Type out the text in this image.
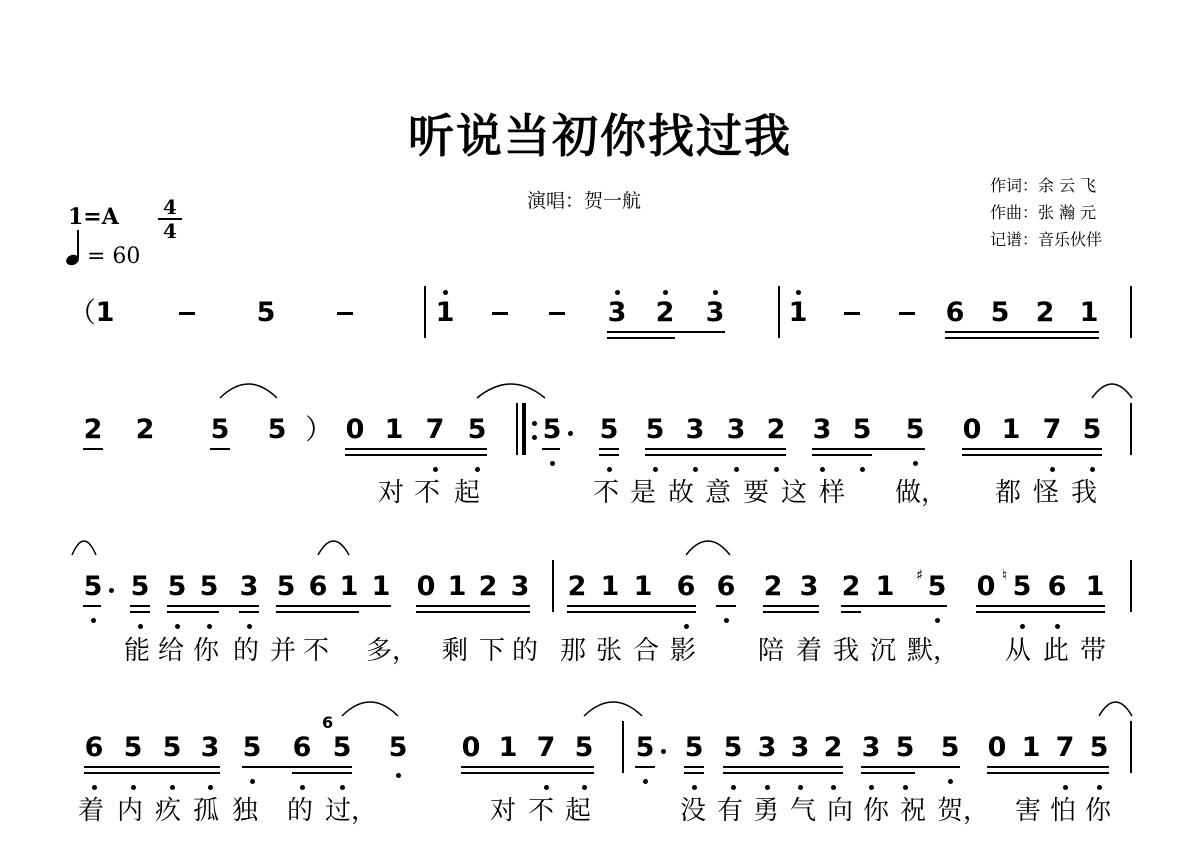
听说当初你找过我
演唱：贺一航
作词：余 云 飞
作曲：张 瀚 元
记谱：音乐伙伴
1=A 4
4
= 60
（ 1	5	1	3 2 3 1	6 5 2 1
2 2 5 5 ） 0 1 7 5 5 5 5 3 3 2 3 5 5 0 1 7 5
对 不 起	不 是 故 意 要 这 样 做， 都 怪 我
5 5 5 5 3 5 6 1 1 0 1 2 3 2 1 1 6 6 2 3 2 1 5
♯ 0 5 6 1
♮
能 给 你 的 并 不 多， 剩 下 的 那 张 合 影 陪 着 我 沉 默， 从 此 带
6 5 5 3 5 6 5
6
5 0 1 7 5 5 5 5 3 3 2 3 5 5 0 1 7 5
着 内 疚 孤 独 的 过，	对 不 起	没 有 勇 气 向 你 祝 贺， 害 怕 你
